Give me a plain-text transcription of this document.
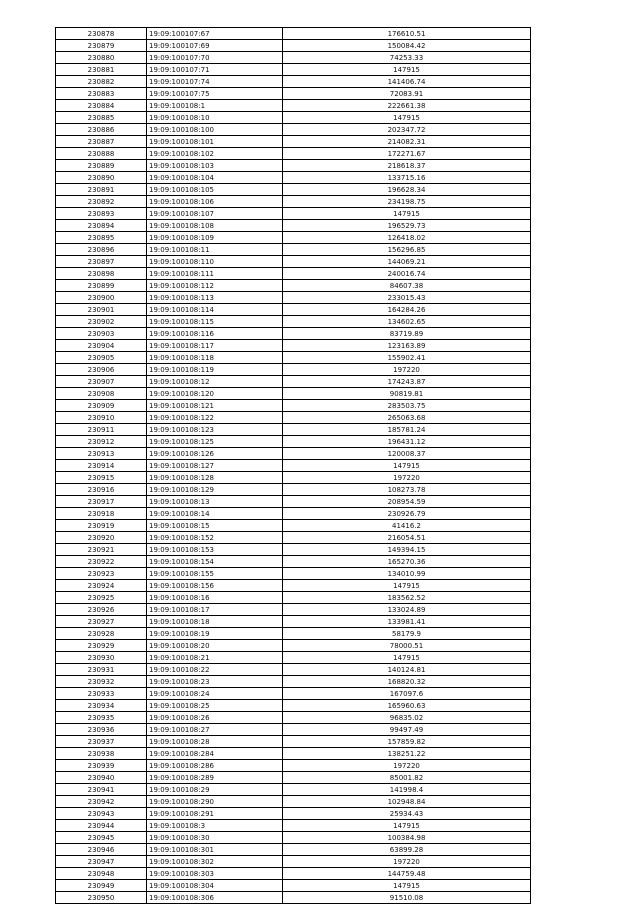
230878	19:09:100107:67	176610.51
230879	19:09:100107:69	150084.42
230880	19:09:100107:70	74253.33
230881	19:09:100107:71	147915
230882	19:09:100107:74	141406.74
230883	19:09:100107:75	72083.91
230884	19:09:100108:1	222661.38
230885	19:09:100108:10	147915
230886	19:09:100108:100	202347.72
230887	19:09:100108:101	214082.31
230888	19:09:100108:102	172271.67
230889	19:09:100108:103	218618.37
230890	19:09:100108:104	133715.16
230891	19:09:100108:105	196628.34
230892	19:09:100108:106	234198.75
230893	19:09:100108:107	147915
230894	19:09:100108:108	196529.73
230895	19:09:100108:109	126418.02
230896	19:09:100108:11	156296.85
230897	19:09:100108:110	144069.21
230898	19:09:100108:111	240016.74
230899	19:09:100108:112	84607.38
230900	19:09:100108:113	233015.43
230901	19:09:100108:114	164284.26
230902	19:09:100108:115	134602.65
230903	19:09:100108:116	83719.89
230904	19:09:100108:117	123163.89
230905	19:09:100108:118	155902.41
230906	19:09:100108:119	197220
230907	19:09:100108:12	174243.87
230908	19:09:100108:120	90819.81
230909	19:09:100108:121	283503.75
230910	19:09:100108:122	265063.68
230911	19:09:100108:123	185781.24
230912	19:09:100108:125	196431.12
230913	19:09:100108:126	120008.37
230914	19:09:100108:127	147915
230915	19:09:100108:128	197220
230916	19:09:100108:129	108273.78
230917	19:09:100108:13	208954.59
230918	19:09:100108:14	230926.79
230919	19:09:100108:15	41416.2
230920	19:09:100108:152	216054.51
230921	19:09:100108:153	149394.15
230922	19:09:100108:154	165270.36
230923	19:09:100108:155	134010.99
230924	19:09:100108:156	147915
230925	19:09:100108:16	183562.52
230926	19:09:100108:17	133024.89
230927	19:09:100108:18	133981.41
230928	19:09:100108:19	58179.9
230929	19:09:100108:20	78000.51
230930	19:09:100108:21	147915
230931	19:09:100108:22	140124.81
230932	19:09:100108:23	168820.32
230933	19:09:100108:24	167097.6
230934	19:09:100108:25	165960.63
230935	19:09:100108:26	96835.02
230936	19:09:100108:27	99497.49
230937	19:09:100108:28	157859.82
230938	19:09:100108:284	138251.22
230939	19:09:100108:286	197220
230940	19:09:100108:289	85001.82
230941	19:09:100108:29	141998.4
230942	19:09:100108:290	102948.84
230943	19:09:100108:291	25934.43
230944	19:09:100108:3	147915
230945	19:09:100108:30	100384.98
230946	19:09:100108:301	63899.28
230947	19:09:100108:302	197220
230948	19:09:100108:303	144759.48
230949	19:09:100108:304	147915
230950	19:09:100108:306	91510.08
